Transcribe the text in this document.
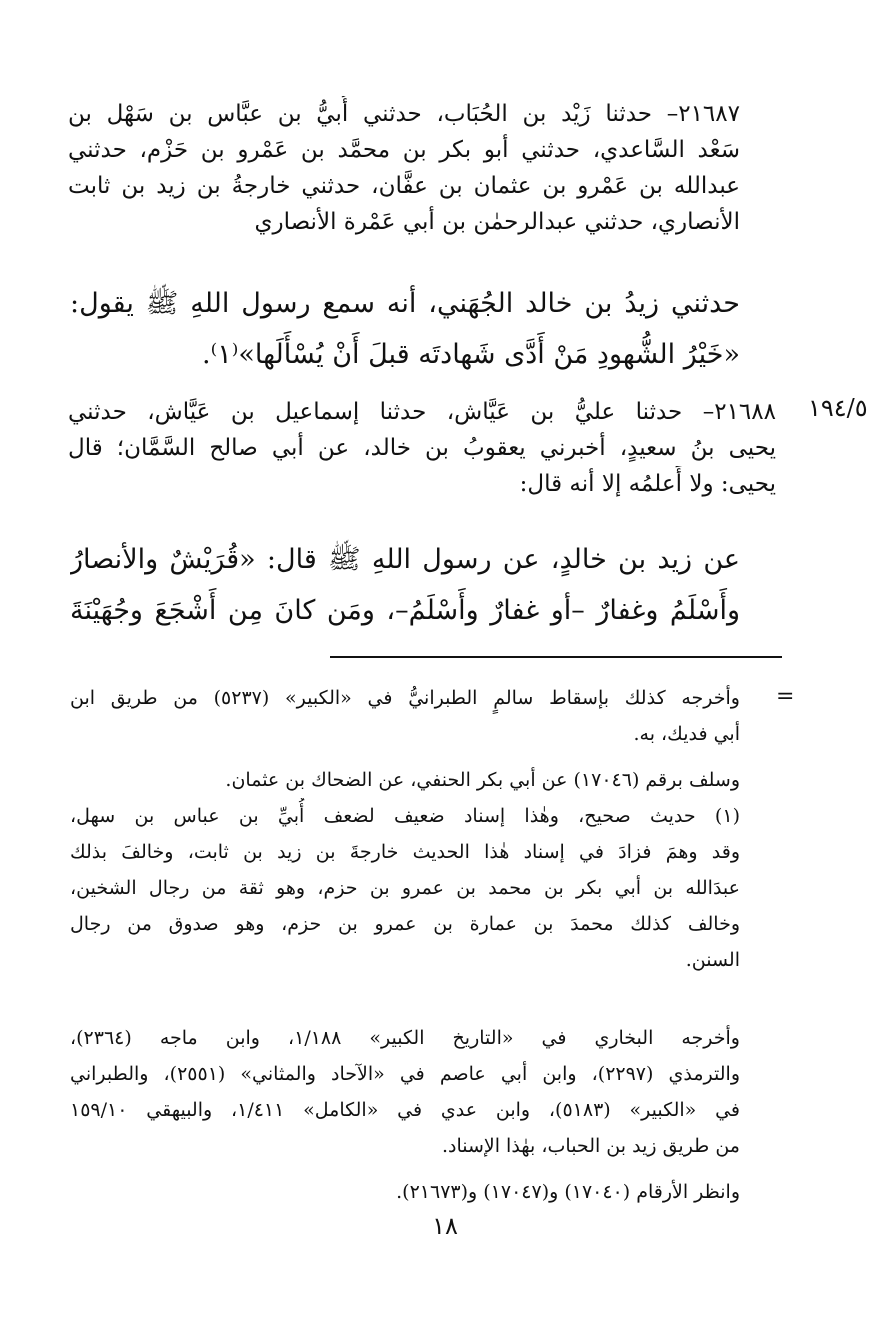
٢١٦٨٧– حدثنا زَيْد بن الحُبَاب، حدثني أُبيُّ بن عبَّاس بن سَهْل بن
سَعْد السَّاعدي، حدثني أبو بكر بن محمَّد بن عَمْرو بن حَزْم، حدثني
عبدالله بن عَمْرو بن عثمان بن عفَّان، حدثني خارجةُ بن زيد بن ثابت
الأنصاري، حدثني عبدالرحمٰن بن أبي عَمْرة الأنصاري
حدثني زيدُ بن خالد الجُهَني، أنه سمع رسول اللهِ ﷺ يقول:
«خَيْرُ الشُّهودِ مَنْ أَدَّى شَهادتَه قبلَ أَنْ يُسْأَلَها»⁽١⁾.
١٩٤/٥
٢١٦٨٨– حدثنا عليُّ بن عَيَّاش، حدثنا إسماعيل بن عَيَّاش، حدثني
يحيى بنُ سعيدٍ، أخبرني يعقوبُ بن خالد، عن أبي صالح السَّمَّان؛ قال
يحيى: ولا أَعلمُه إلا أنه قال:
عن زيد بن خالدٍ، عن رسول اللهِ ﷺ قال: «قُرَيْشٌ والأنصارُ
وأَسْلَمُ وغفارٌ –أو غفارٌ وأَسْلَمُ–، ومَن كانَ مِن أَشْجَعَ وجُهَيْنَةَ
=
وأخرجه كذلك بإسقاط سالمٍ الطبرانيُّ في «الكبير» (٥٢٣٧) من طريق ابن
أبي فديك، به.
وسلف برقم (١٧٠٤٦) عن أبي بكر الحنفي، عن الضحاك بن عثمان.
(١) حديث صحيح، وهٰذا إسناد ضعيف لضعف أُبيِّ بن عباس بن سهل،
وقد وهمَ فزادَ في إسناد هٰذا الحديث خارجةَ بن زيد بن ثابت، وخالفَ بذلك
عبدَالله بن أبي بكر بن محمد بن عمرو بن حزم، وهو ثقة من رجال الشخين،
وخالف كذلك محمدَ بن عمارة بن عمرو بن حزم، وهو صدوق من رجال
السنن.
وأخرجه البخاري في «التاريخ الكبير» ١/١٨٨، وابن ماجه (٢٣٦٤)،
والترمذي (٢٢٩٧)، وابن أبي عاصم في «الآحاد والمثاني» (٢٥٥١)، والطبراني
في «الكبير» (٥١٨٣)، وابن عدي في «الكامل» ١/٤١١، والبيهقي ١٥٩/١٠
من طريق زيد بن الحباب، بهٰذا الإسناد.
وانظر الأرقام (١٧٠٤٠) و(١٧٠٤٧) و(٢١٦٧٣).
١٨
